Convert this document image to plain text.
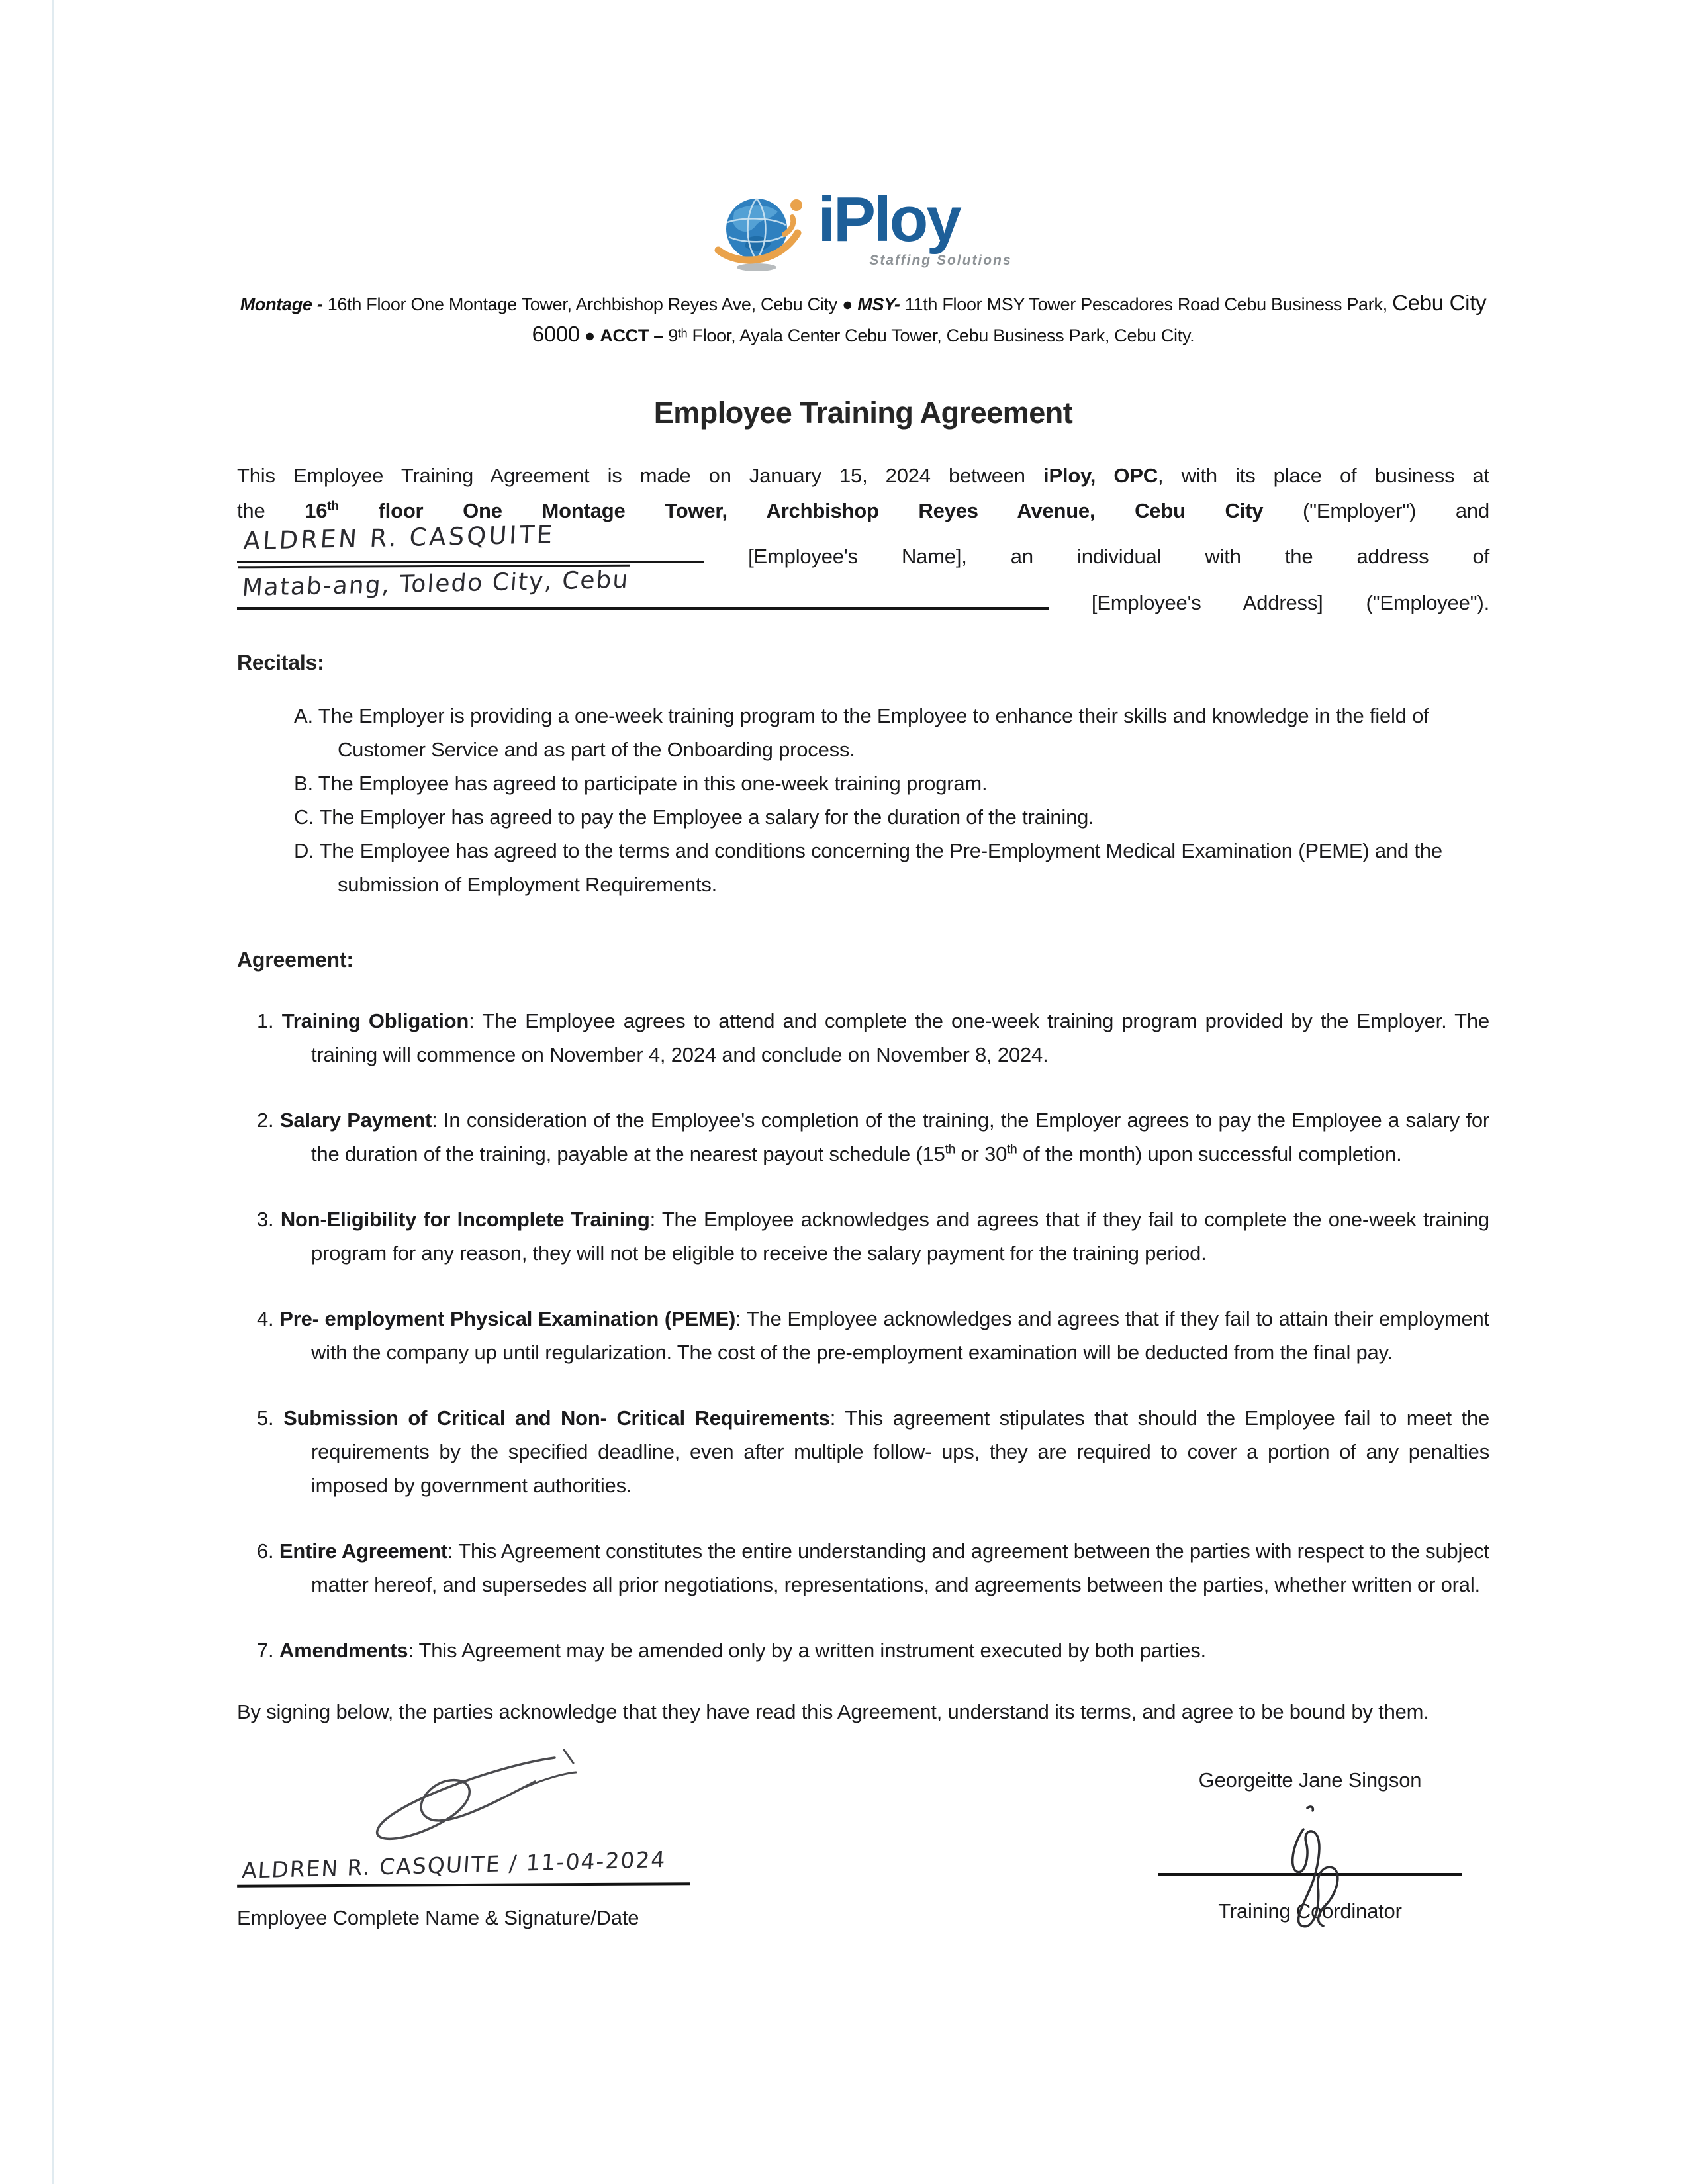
iPloy
Staffing Solutions
Montage - 16th Floor One Montage Tower, Archbishop Reyes Ave, Cebu City ● MSY- 11th Floor MSY Tower Pescadores Road Cebu Business Park, Cebu City
6000 ● ACCT – 9th Floor, Ayala Center Cebu Tower, Cebu Business Park, Cebu City.
Employee Training Agreement
This Employee Training Agreement is made on January 15, 2024 between iPloy, OPC, with its place of business at
the 16th floor One Montage Tower, Archbishop Reyes Avenue, Cebu City ("Employer") and
ALDREN R. CASQUITE
[Employee's Name], an individual with the address of
Matab-ang, Toledo City, Cebu
[Employee's Address] ("Employee").
Recitals:
A. The Employer is providing a one-week training program to the Employee to enhance their skills and knowledge in the field of Customer Service and as part of the Onboarding process.
B. The Employee has agreed to participate in this one-week training program.
C. The Employer has agreed to pay the Employee a salary for the duration of the training.
D. The Employee has agreed to the terms and conditions concerning the Pre-Employment Medical Examination (PEME) and the submission of Employment Requirements.
Agreement:
1. Training Obligation: The Employee agrees to attend and complete the one-week training program provided by the Employer. The training will commence on November 4, 2024 and conclude on November 8, 2024.
2. Salary Payment: In consideration of the Employee's completion of the training, the Employer agrees to pay the Employee a salary for the duration of the training, payable at the nearest payout schedule (15th or 30th of the month) upon successful completion.
3. Non-Eligibility for Incomplete Training: The Employee acknowledges and agrees that if they fail to complete the one-week training program for any reason, they will not be eligible to receive the salary payment for the training period.
4. Pre- employment Physical Examination (PEME): The Employee acknowledges and agrees that if they fail to attain their employment with the company up until regularization. The cost of the pre-employment examination will be deducted from the final pay.
5. Submission of Critical and Non- Critical Requirements: This agreement stipulates that should the Employee fail to meet the requirements by the specified deadline, even after multiple follow- ups, they are required to cover a portion of any penalties imposed by government authorities.
6. Entire Agreement: This Agreement constitutes the entire understanding and agreement between the parties with respect to the subject matter hereof, and supersedes all prior negotiations, representations, and agreements between the parties, whether written or oral.
7. Amendments: This Agreement may be amended only by a written instrument executed by both parties.
By signing below, the parties acknowledge that they have read this Agreement, understand its terms, and agree to be bound by them.
ALDREN R. CASQUITE / 11-04-2024
Employee Complete Name & Signature/Date
Georgeitte Jane Singson
Training Coordinator
